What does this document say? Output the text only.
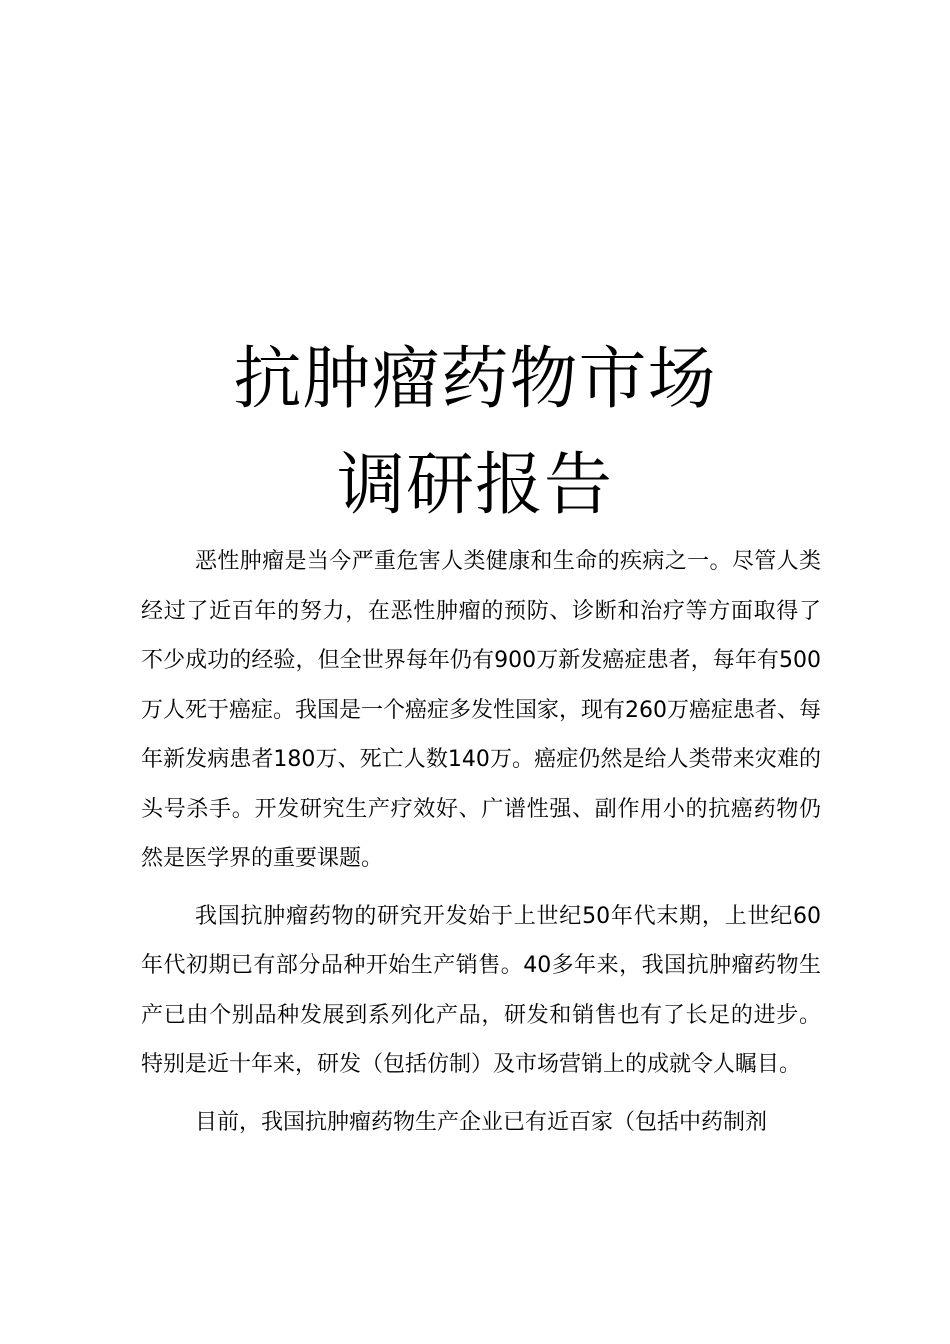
抗肿瘤药物市场
调研报告

恶性肿瘤是当今严重危害人类健康和生命的疾病之一。尽管人类经过了近百年的努力，在恶性肿瘤的预防、诊断和治疗等方面取得了不少成功的经验，但全世界每年仍有900万新发癌症患者，每年有500万人死于癌症。我国是一个癌症多发性国家，现有260万癌症患者、每年新发病患者180万、死亡人数140万。癌症仍然是给人类带来灾难的头号杀手。开发研究生产疗效好、广谱性强、副作用小的抗癌药物仍然是医学界的重要课题。

我国抗肿瘤药物的研究开发始于上世纪50年代末期，上世纪60年代初期已有部分品种开始生产销售。40多年来，我国抗肿瘤药物生产已由个别品种发展到系列化产品，研发和销售也有了长足的进步。特别是近十年来，研发（包括仿制）及市场营销上的成就令人瞩目。

目前，我国抗肿瘤药物生产企业已有近百家（包括中药制剂
